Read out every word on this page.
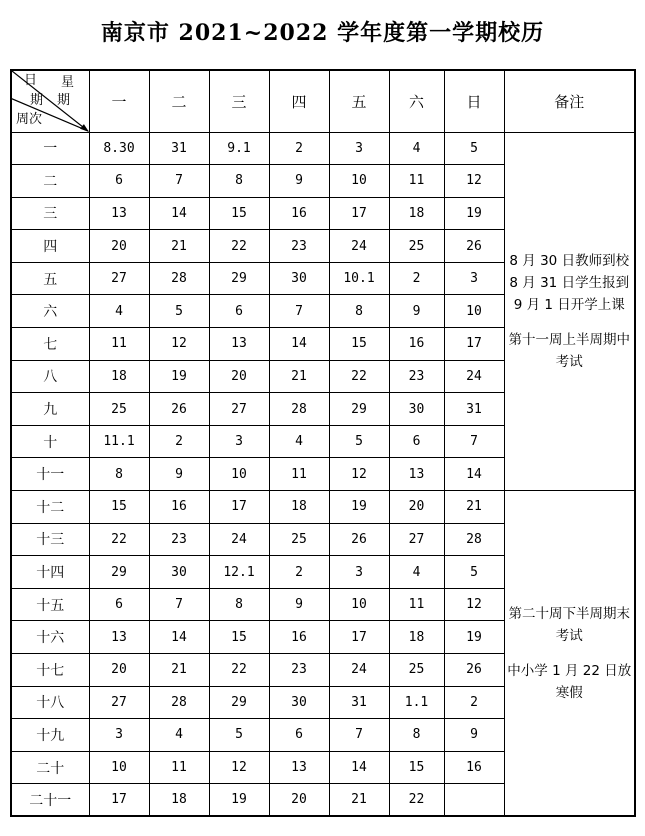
南京市 2021~2022 学年度第一学期校历
日 星
期 期
周次	一	二	三	四	五	六	日	备注
一	8.30	31	9.1	2	3	4	5	8 月 30 日教师到校
8 月 31 日学生报到
9 月 1 日开学上课
第十一周上半周期中考试

二	6	7	8	9	10	11	12	
三	13	14	15	16	17	18	19	
四	20	21	22	23	24	25	26	
五	27	28	29	30	10.1	2	3	
六	4	5	6	7	8	9	10	
七	11	12	13	14	15	16	17	
八	18	19	20	21	22	23	24	
九	25	26	27	28	29	30	31	
十	11.1	2	3	4	5	6	7	
十一	8	9	10	11	12	13	14	
十二	15	16	17	18	19	20	21	第二十周下半周期末考试
中小学 1 月 22 日放寒假

十三	22	23	24	25	26	27	28	
十四	29	30	12.1	2	3	4	5	
十五	6	7	8	9	10	11	12	
十六	13	14	15	16	17	18	19	
十七	20	21	22	23	24	25	26	
十八	27	28	29	30	31	1.1	2	
十九	3	4	5	6	7	8	9	
二十	10	11	12	13	14	15	16	
二十一	17	18	19	20	21	22		
